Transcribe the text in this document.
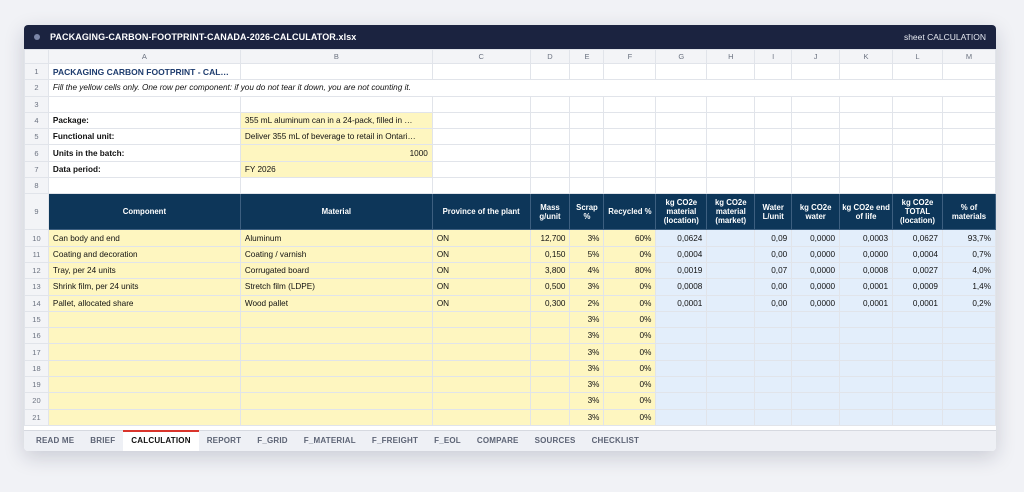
PACKAGING-CARBON-FOOTPRINT-CANADA-2026-CALCULATOR.xlsx	sheet CALCULATION
	A	B	C	D	E	F	G	H	I	J	K	L	M
1	PACKAGING CARBON FOOTPRINT - CAL…												
2	Fill the yellow cells only. One row per component: if you do not tear it down, you are not counting it.												
3													
4	Package:	355 mL aluminum can in a 24-pack, filled in …											
5	Functional unit:	Deliver 355 mL of beverage to retail in Ontari…											
6	Units in the batch:	1000											
7	Data period:	FY 2026											
8													
9	Component	Material	Province of the plant	Mass g/unit	Scrap %	Recycled %	kg CO2e material (location)	kg CO2e material (market)	Water L/unit	kg CO2e water	kg CO2e end of life	kg CO2e TOTAL (location)	% of materials
10	Can body and end	Aluminum	ON	12,700	3%	60%	0,0624		0,09	0,0000	0,0003	0,0627	93,7%
11	Coating and decoration	Coating / varnish	ON	0,150	5%	0%	0,0004		0,00	0,0000	0,0000	0,0004	0,7%
12	Tray, per 24 units	Corrugated board	ON	3,800	4%	80%	0,0019		0,07	0,0000	0,0008	0,0027	4,0%
13	Shrink film, per 24 units	Stretch film (LDPE)	ON	0,500	3%	0%	0,0008		0,00	0,0000	0,0001	0,0009	1,4%
14	Pallet, allocated share	Wood pallet	ON	0,300	2%	0%	0,0001		0,00	0,0000	0,0001	0,0001	0,2%
15					3%	0%							
16					3%	0%							
17					3%	0%							
18					3%	0%							
19					3%	0%							
20					3%	0%							
21					3%	0%							
READ ME	BRIEF	CALCULATION	REPORT	F_GRID	F_MATERIAL	F_FREIGHT	F_EOL	COMPARE	SOURCES	CHECKLIST
